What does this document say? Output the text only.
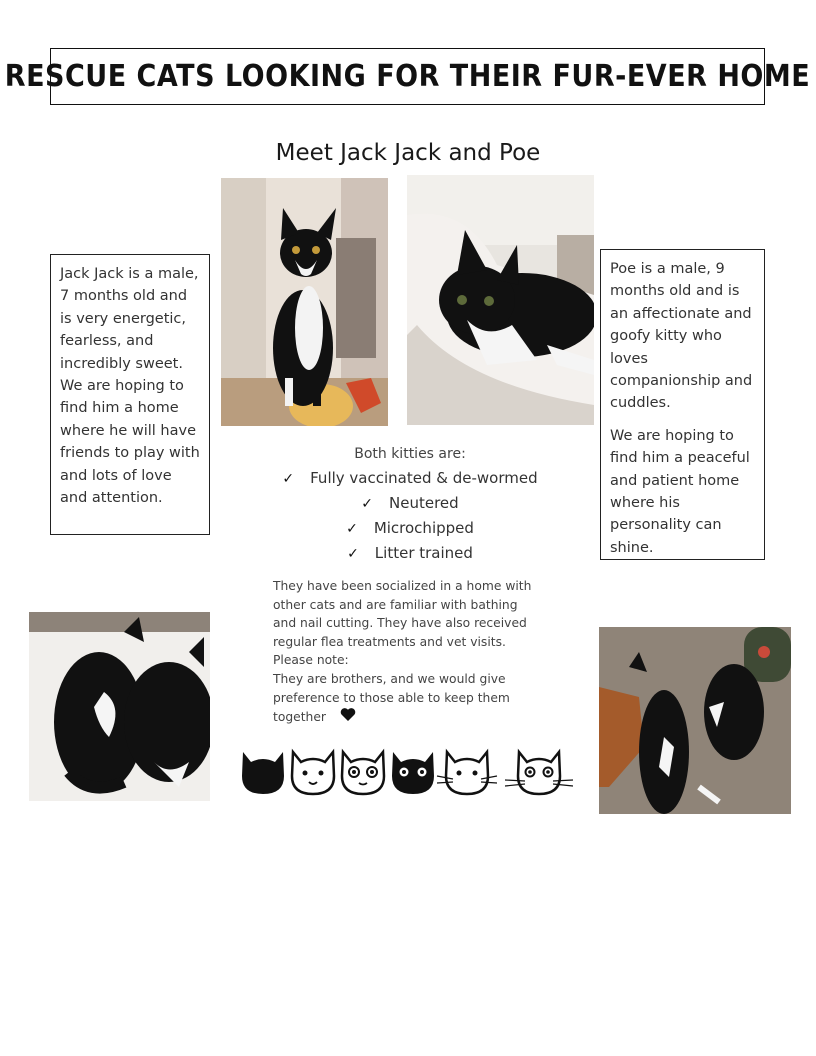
RESCUE CATS LOOKING FOR THEIR FUR-EVER HOME
Meet Jack Jack and Poe

Jack Jack is a male, 7 months old and is very energetic, fearless, and incredibly sweet. We are hoping to find him a home where he will have friends to play with and lots of love and attention.

Poe is a male, 9 months old and is an affectionate and goofy kitty who loves companionship and cuddles.

We are hoping to find him a peaceful and patient home where his personality can shine.

Both kitties are:
✓ Fully vaccinated & de-wormed
✓ Neutered
✓ Microchipped
✓ Litter trained

They have been socialized in a home with other cats and are familiar with bathing and nail cutting. They have also received regular flea treatments and vet visits.

Please note:

They are brothers, and we would give preference to those able to keep them together
